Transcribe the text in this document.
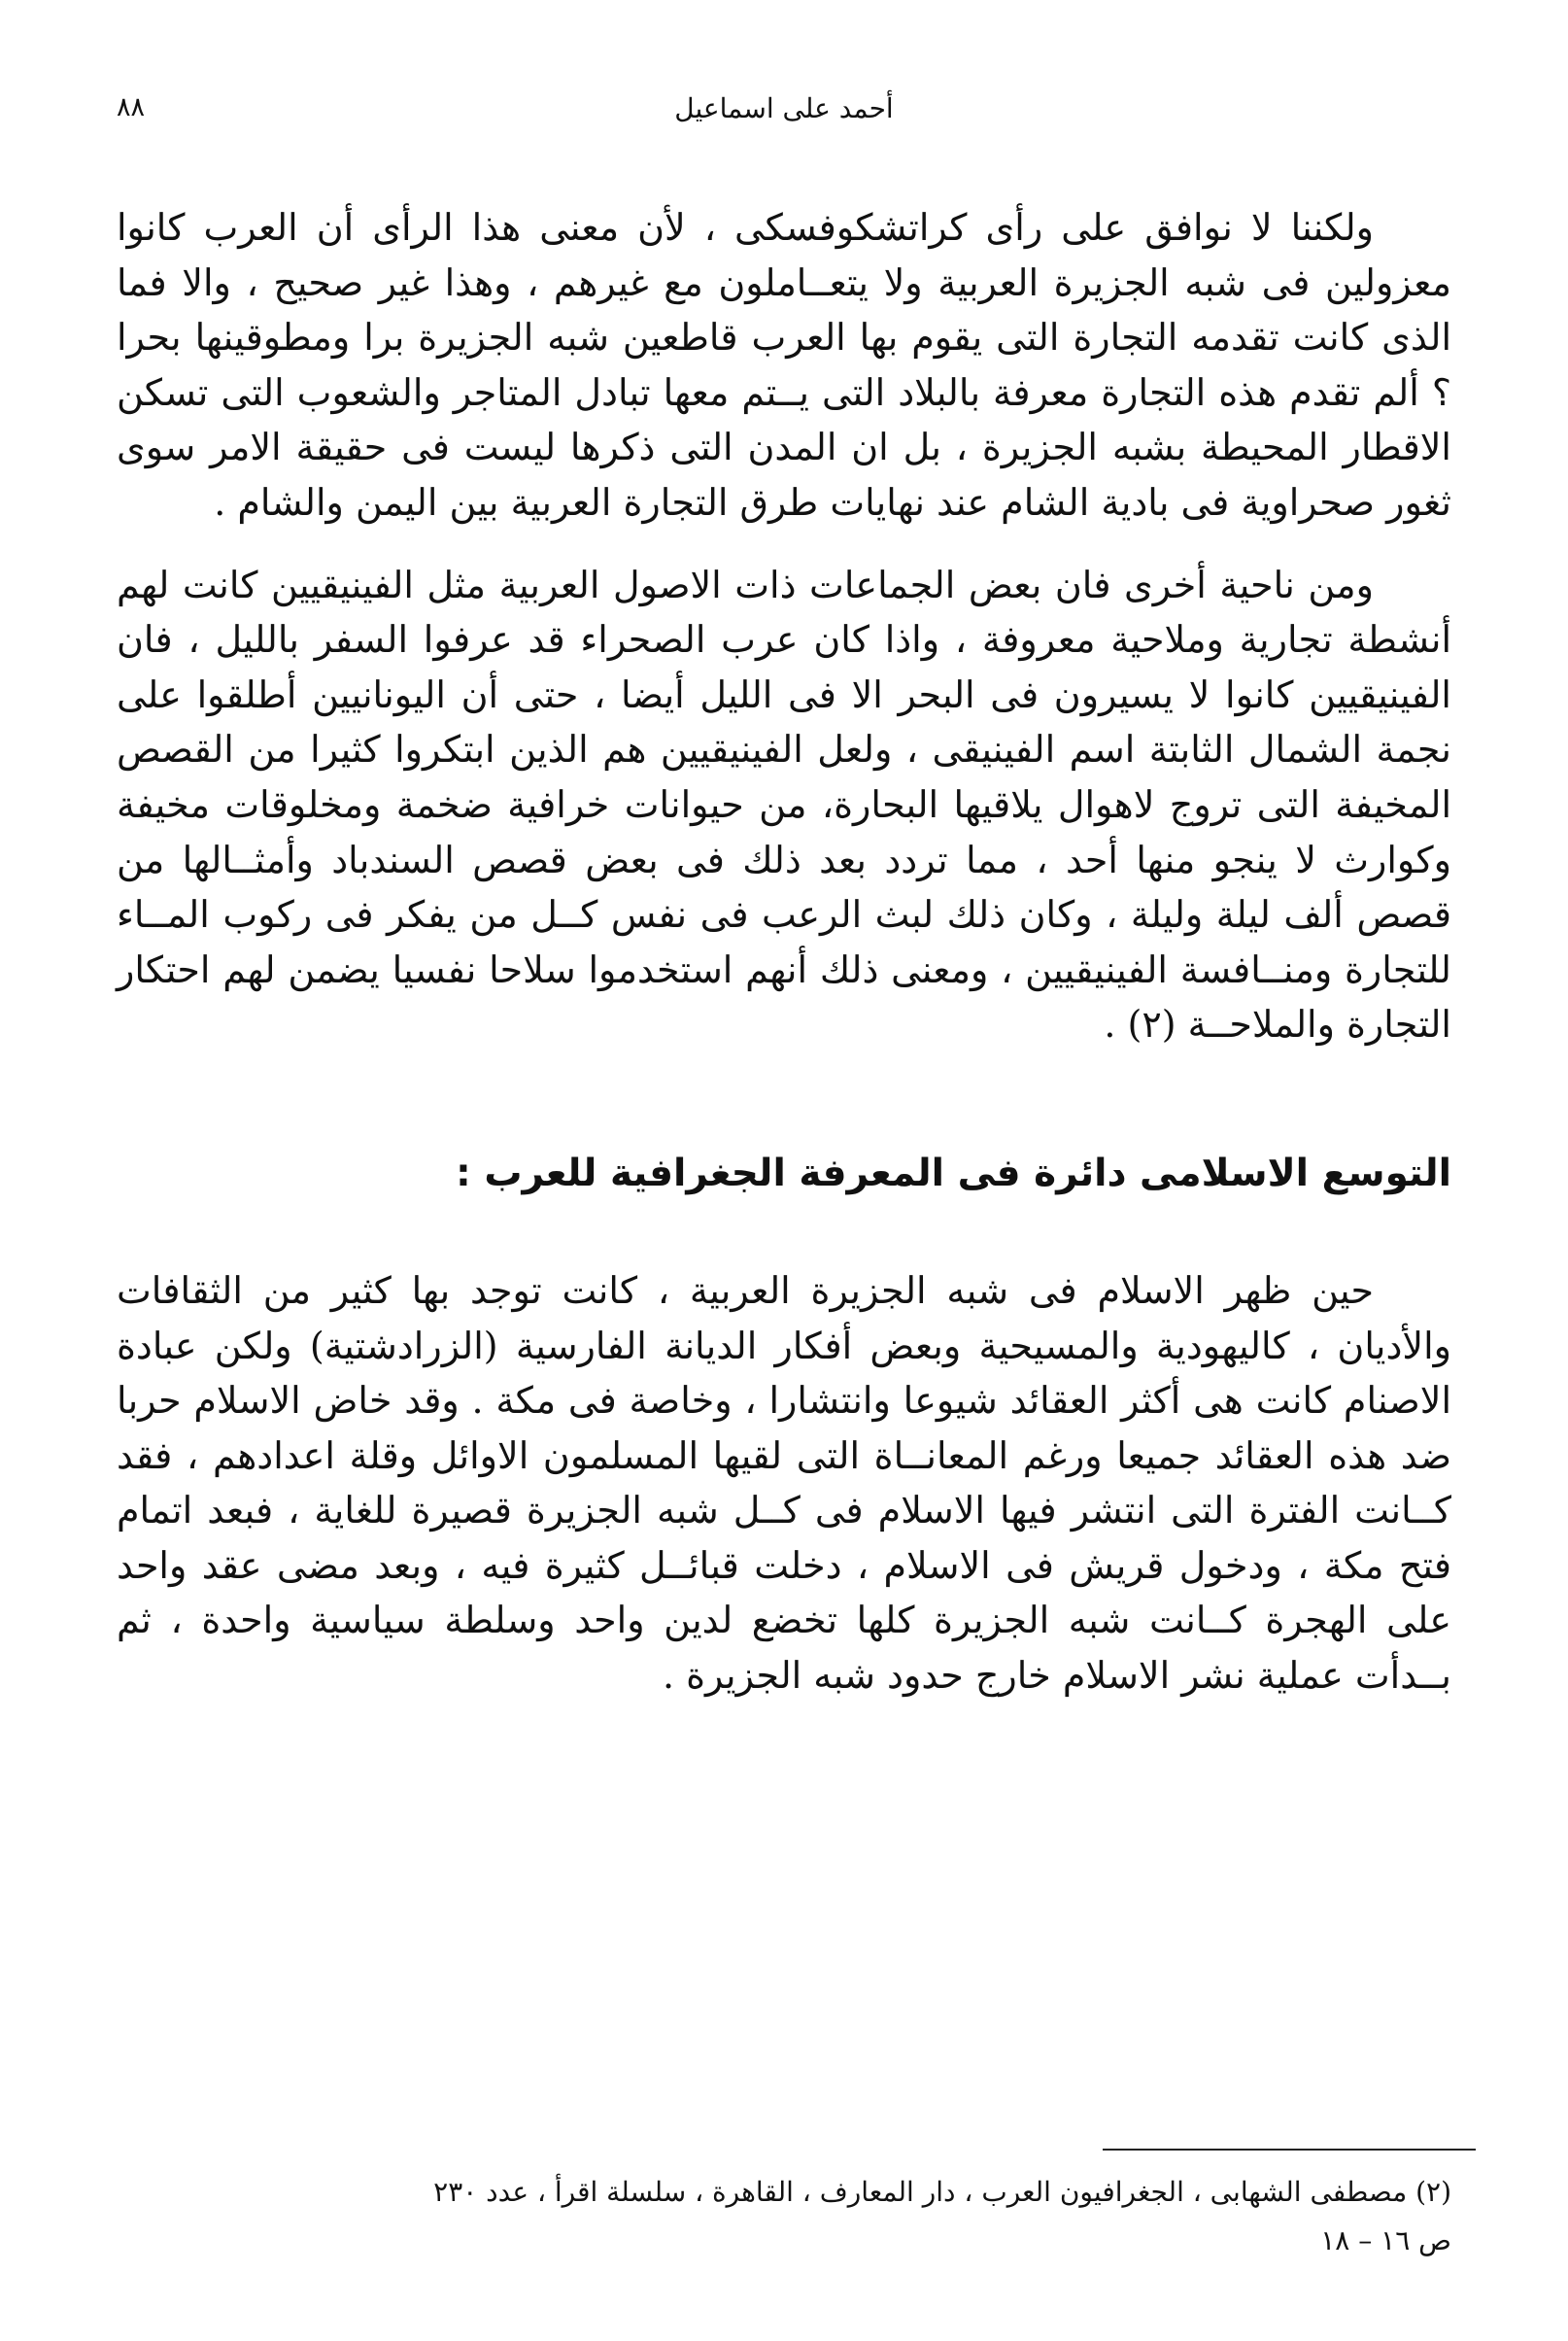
٨٨	أحمد على اسماعيل

ولكننا لا نوافق على رأى كراتشكوفسكى ، لأن معنى هذا الرأى أن العرب كانوا معزولين فى شبه الجزيرة العربية ولا يتعــاملون مع غيرهم ، وهذا غير صحيح ، والا فما الذى كانت تقدمه التجارة التى يقوم بها العرب قاطعين شبه الجزيرة برا ومطوقينها بحرا ؟ ألم تقدم هذه التجارة معرفة بالبلاد التى يــتم معها تبادل المتاجر والشعوب التى تسكن الاقطار المحيطة بشبه الجزيرة ، بل ان المدن التى ذكرها ليست فى حقيقة الامر سوى ثغور صحراوية فى بادية الشام عند نهايات طرق التجارة العربية بين اليمن والشام .

ومن ناحية أخرى فان بعض الجماعات ذات الاصول العربية مثل الفينيقيين كانت لهم أنشطة تجارية وملاحية معروفة ، واذا كان عرب الصحراء قد عرفوا السفر بالليل ، فان الفينيقيين كانوا لا يسيرون فى البحر الا فى الليل أيضا ، حتى أن اليونانيين أطلقوا على نجمة الشمال الثابتة اسم الفينيقى ، ولعل الفينيقيين هم الذين ابتكروا كثيرا من القصص المخيفة التى تروج لاهوال يلاقيها البحارة، من حيوانات خرافية ضخمة ومخلوقات مخيفة وكوارث لا ينجو منها أحد ، مما تردد بعد ذلك فى بعض قصص السندباد وأمثــالها من قصص ألف ليلة وليلة ، وكان ذلك لبث الرعب فى نفس كــل من يفكر فى ركوب المــاء للتجارة ومنــافسة الفينيقيين ، ومعنى ذلك أنهم استخدموا سلاحا نفسيا يضمن لهم احتكار التجارة والملاحــة (٢) .

التوسع الاسلامى دائرة فى المعرفة الجغرافية للعرب :

حين ظهر الاسلام فى شبه الجزيرة العربية ، كانت توجد بها كثير من الثقافات والأديان ، كاليهودية والمسيحية وبعض أفكار الديانة الفارسية (الزرادشتية) ولكن عبادة الاصنام كانت هى أكثر العقائد شيوعا وانتشارا ، وخاصة فى مكة . وقد خاض الاسلام حربا ضد هذه العقائد جميعا ورغم المعانــاة التى لقيها المسلمون الاوائل وقلة اعدادهم ، فقد كــانت الفترة التى انتشر فيها الاسلام فى كــل شبه الجزيرة قصيرة للغاية ، فبعد اتمام فتح مكة ، ودخول قريش فى الاسلام ، دخلت قبائــل كثيرة فيه ، وبعد مضى عقد واحد على الهجرة كــانت شبه الجزيرة كلها تخضع لدين واحد وسلطة سياسية واحدة ، ثم بــدأت عملية نشر الاسلام خارج حدود شبه الجزيرة .

(٢) مصطفى الشهابى ، الجغرافيون العرب ، دار المعارف ، القاهرة ، سلسلة اقرأ ، عدد ٢٣٠
ص ١٦ – ١٨
